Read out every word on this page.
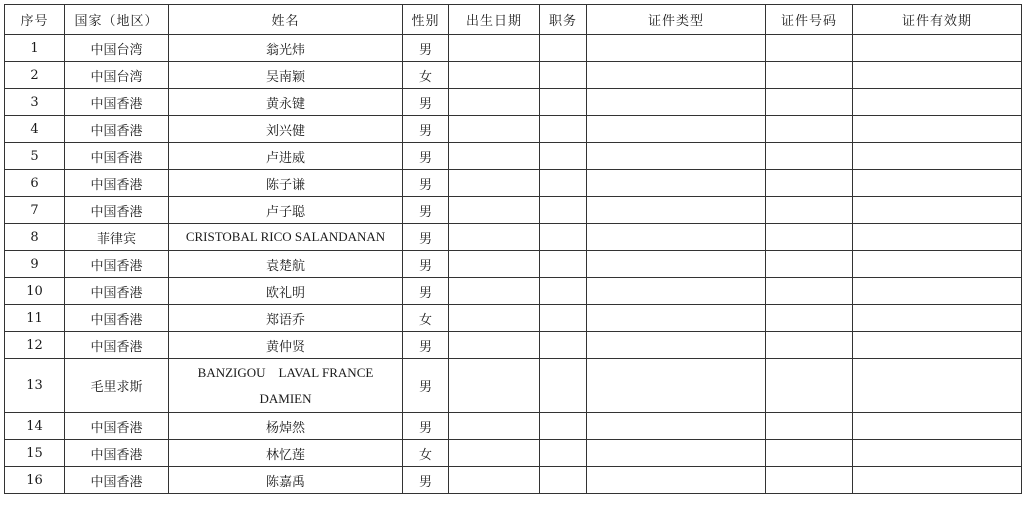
序号	国家（地区）	姓名	性别	出生日期	职务	证件类型	证件号码	证件有效期
1	中国台湾	翁光炜	男					
2	中国台湾	吴南颖	女					
3	中国香港	黄永键	男					
4	中国香港	刘兴健	男					
5	中国香港	卢进威	男					
6	中国香港	陈子谦	男					
7	中国香港	卢子聪	男					
8	菲律宾	CRISTOBAL RICO SALANDANAN	男					
9	中国香港	袁楚航	男					
10	中国香港	欧礼明	男					
11	中国香港	郑语乔	女					
12	中国香港	黄仲贤	男					
13	毛里求斯	BANZIGOU　LAVAL FRANCE DAMIEN	男					
14	中国香港	杨焯然	男					
15	中国香港	林忆莲	女					
16	中国香港	陈嘉禹	男					
